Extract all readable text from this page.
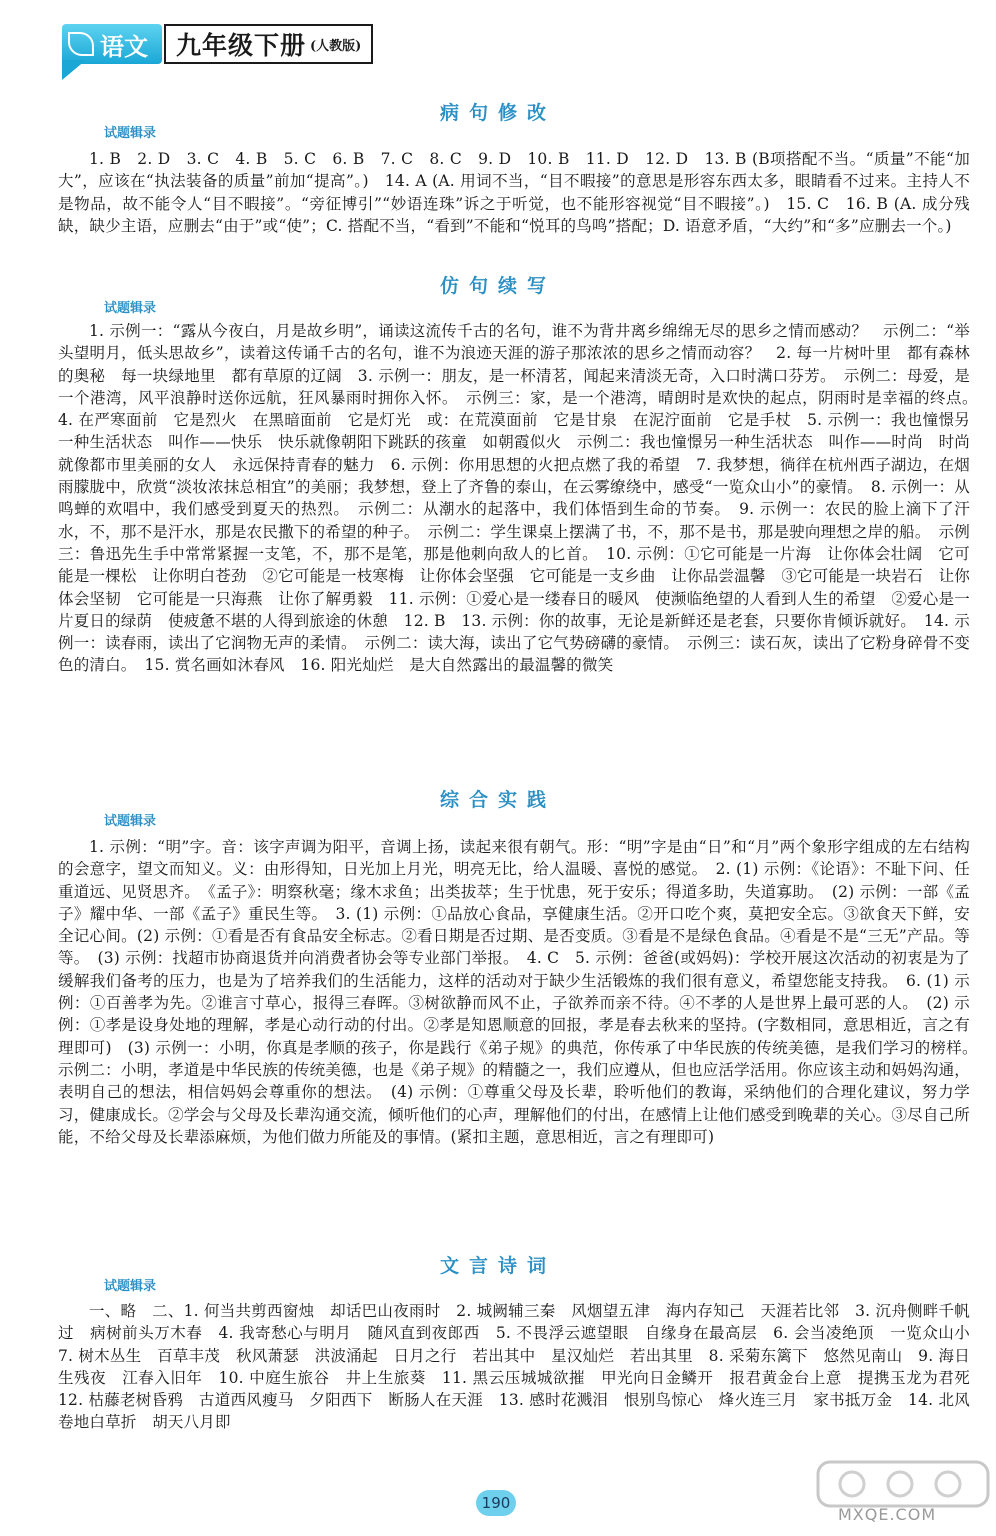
语文 九年级下册 (人教版)
病句修改
试题辑录
1. B　2. D　3. C　4. B　5. C　6. B　7. C　8. C　9. D　10. B　11. D　12. D　13. B (B项搭配不当。“质量”不能“加大”，应该在“执法装备的质量”前加“提高”。)　14. A (A. 用词不当，“目不暇接”的意思是形容东西太多，眼睛看不过来。主持人不是物品，故不能令人“目不暇接”。“旁征博引”“妙语连珠”诉之于听觉，也不能形容视觉“目不暇接”。)　15. C　16. B (A. 成分残缺，缺少主语，应删去“由于”或“使”；C. 搭配不当，“看到”不能和“悦耳的鸟鸣”搭配；D. 语意矛盾，“大约”和“多”应删去一个。)
仿句续写
试题辑录
1. 示例一：“露从今夜白，月是故乡明”，诵读这流传千古的名句，谁不为背井离乡绵绵无尽的思乡之情而感动？　示例二：“举头望明月，低头思故乡”，读着这传诵千古的名句，谁不为浪迹天涯的游子那浓浓的思乡之情而动容？　2. 每一片树叶里　都有森林的奥秘　每一块绿地里　都有草原的辽阔　3. 示例一：朋友，是一杯清茗，闻起来清淡无奇，入口时满口芬芳。　示例二：母爱，是一个港湾，风平浪静时送你远航，狂风暴雨时拥你入怀。　示例三：家，是一个港湾，晴朗时是欢快的起点，阴雨时是幸福的终点。　4. 在严寒面前　它是烈火　在黑暗面前　它是灯光　或：在荒漠面前　它是甘泉　在泥泞面前　它是手杖　5. 示例一：我也憧憬另一种生活状态　叫作——快乐　快乐就像朝阳下跳跃的孩童　如朝霞似火　示例二：我也憧憬另一种生活状态　叫作——时尚　时尚就像都市里美丽的女人　永远保持青春的魅力　6. 示例：你用思想的火把点燃了我的希望　7. 我梦想，徜徉在杭州西子湖边，在烟雨朦胧中，欣赏“淡妆浓抹总相宜”的美丽；我梦想，登上了齐鲁的泰山，在云雾缭绕中，感受“一览众山小”的豪情。　8. 示例一：从鸣蝉的欢唱中，我们感受到夏天的热烈。　示例二：从潮水的起落中，我们体悟到生命的节奏。　9. 示例一：农民的脸上滴下了汗水，不，那不是汗水，那是农民撒下的希望的种子。　示例二：学生课桌上摆满了书，不，那不是书，那是驶向理想之岸的船。　示例三：鲁迅先生手中常常紧握一支笔，不，那不是笔，那是他刺向敌人的匕首。　10. 示例：①它可能是一片海　让你体会壮阔　它可能是一棵松　让你明白苍劲　②它可能是一枝寒梅　让你体会坚强　它可能是一支乡曲　让你品尝温馨　③它可能是一块岩石　让你体会坚韧　它可能是一只海燕　让你了解勇毅　11. 示例：①爱心是一缕春日的暖风　使濒临绝望的人看到人生的希望　②爱心是一片夏日的绿荫　使疲惫不堪的人得到旅途的休憩　12. B　13. 示例：你的故事，无论是新鲜还是老套，只要你肯倾诉就好。　14. 示例一：读春雨，读出了它润物无声的柔情。　示例二：读大海，读出了它气势磅礴的豪情。　示例三：读石灰，读出了它粉身碎骨不变色的清白。　15. 赏名画如沐春风　16. 阳光灿烂　是大自然露出的最温馨的微笑
综合实践
试题辑录
1. 示例：“明”字。音：该字声调为阳平，音调上扬，读起来很有朝气。形：“明”字是由“日”和“月”两个象形字组成的左右结构的会意字，望文而知义。义：由形得知，日光加上月光，明亮无比，给人温暖、喜悦的感觉。　2. (1) 示例：《论语》：不耻下问、任重道远、见贤思齐。　《孟子》：明察秋毫；缘木求鱼；出类拔萃；生于忧患，死于安乐；得道多助，失道寡助。　(2) 示例：一部《孟子》耀中华、一部《孟子》重民生等。　3. (1) 示例：①品放心食品，享健康生活。②开口吃个爽，莫把安全忘。③欲食天下鲜，安全记心间。(2) 示例：①看是否有食品安全标志。②看日期是否过期、是否变质。③看是不是绿色食品。④看是不是“三无”产品。等等。　(3) 示例：找超市协商退货并向消费者协会等专业部门举报。　4. C　5. 示例：爸爸(或妈妈)：学校开展这次活动的初衷是为了缓解我们备考的压力，也是为了培养我们的生活能力，这样的活动对于缺少生活锻炼的我们很有意义，希望您能支持我。　6. (1) 示例：①百善孝为先。②谁言寸草心，报得三春晖。③树欲静而风不止，子欲养而亲不待。④不孝的人是世界上最可恶的人。　(2) 示例：①孝是设身处地的理解，孝是心动行动的付出。②孝是知恩顺意的回报，孝是春去秋来的坚持。(字数相同，意思相近，言之有理即可)　(3) 示例一：小明，你真是孝顺的孩子，你是践行《弟子规》的典范，你传承了中华民族的传统美德，是我们学习的榜样。　示例二：小明，孝道是中华民族的传统美德，也是《弟子规》的精髓之一，我们应遵从，但也应活学活用。你应该主动和妈妈沟通，表明自己的想法，相信妈妈会尊重你的想法。　(4) 示例：①尊重父母及长辈，聆听他们的教诲，采纳他们的合理化建议，努力学习，健康成长。②学会与父母及长辈沟通交流，倾听他们的心声，理解他们的付出，在感情上让他们感受到晚辈的关心。③尽自己所能，不给父母及长辈添麻烦，为他们做力所能及的事情。(紧扣主题，意思相近，言之有理即可)
文言诗词
试题辑录
一、略　二、1. 何当共剪西窗烛　却话巴山夜雨时　2. 城阙辅三秦　风烟望五津　海内存知己　天涯若比邻　3. 沉舟侧畔千帆过　病树前头万木春　4. 我寄愁心与明月　随风直到夜郎西　5. 不畏浮云遮望眼　自缘身在最高层　6. 会当凌绝顶　一览众山小　7. 树木丛生　百草丰茂　秋风萧瑟　洪波涌起　日月之行　若出其中　星汉灿烂　若出其里　8. 采菊东篱下　悠然见南山　9. 海日生残夜　江春入旧年　10. 中庭生旅谷　井上生旅葵　11. 黑云压城城欲摧　甲光向日金鳞开　报君黄金台上意　提携玉龙为君死　12. 枯藤老树昏鸦　古道西风瘦马　夕阳西下　断肠人在天涯　13. 感时花溅泪　恨别鸟惊心　烽火连三月　家书抵万金　14. 北风卷地白草折　胡天八月即
190
MXQE.COM
